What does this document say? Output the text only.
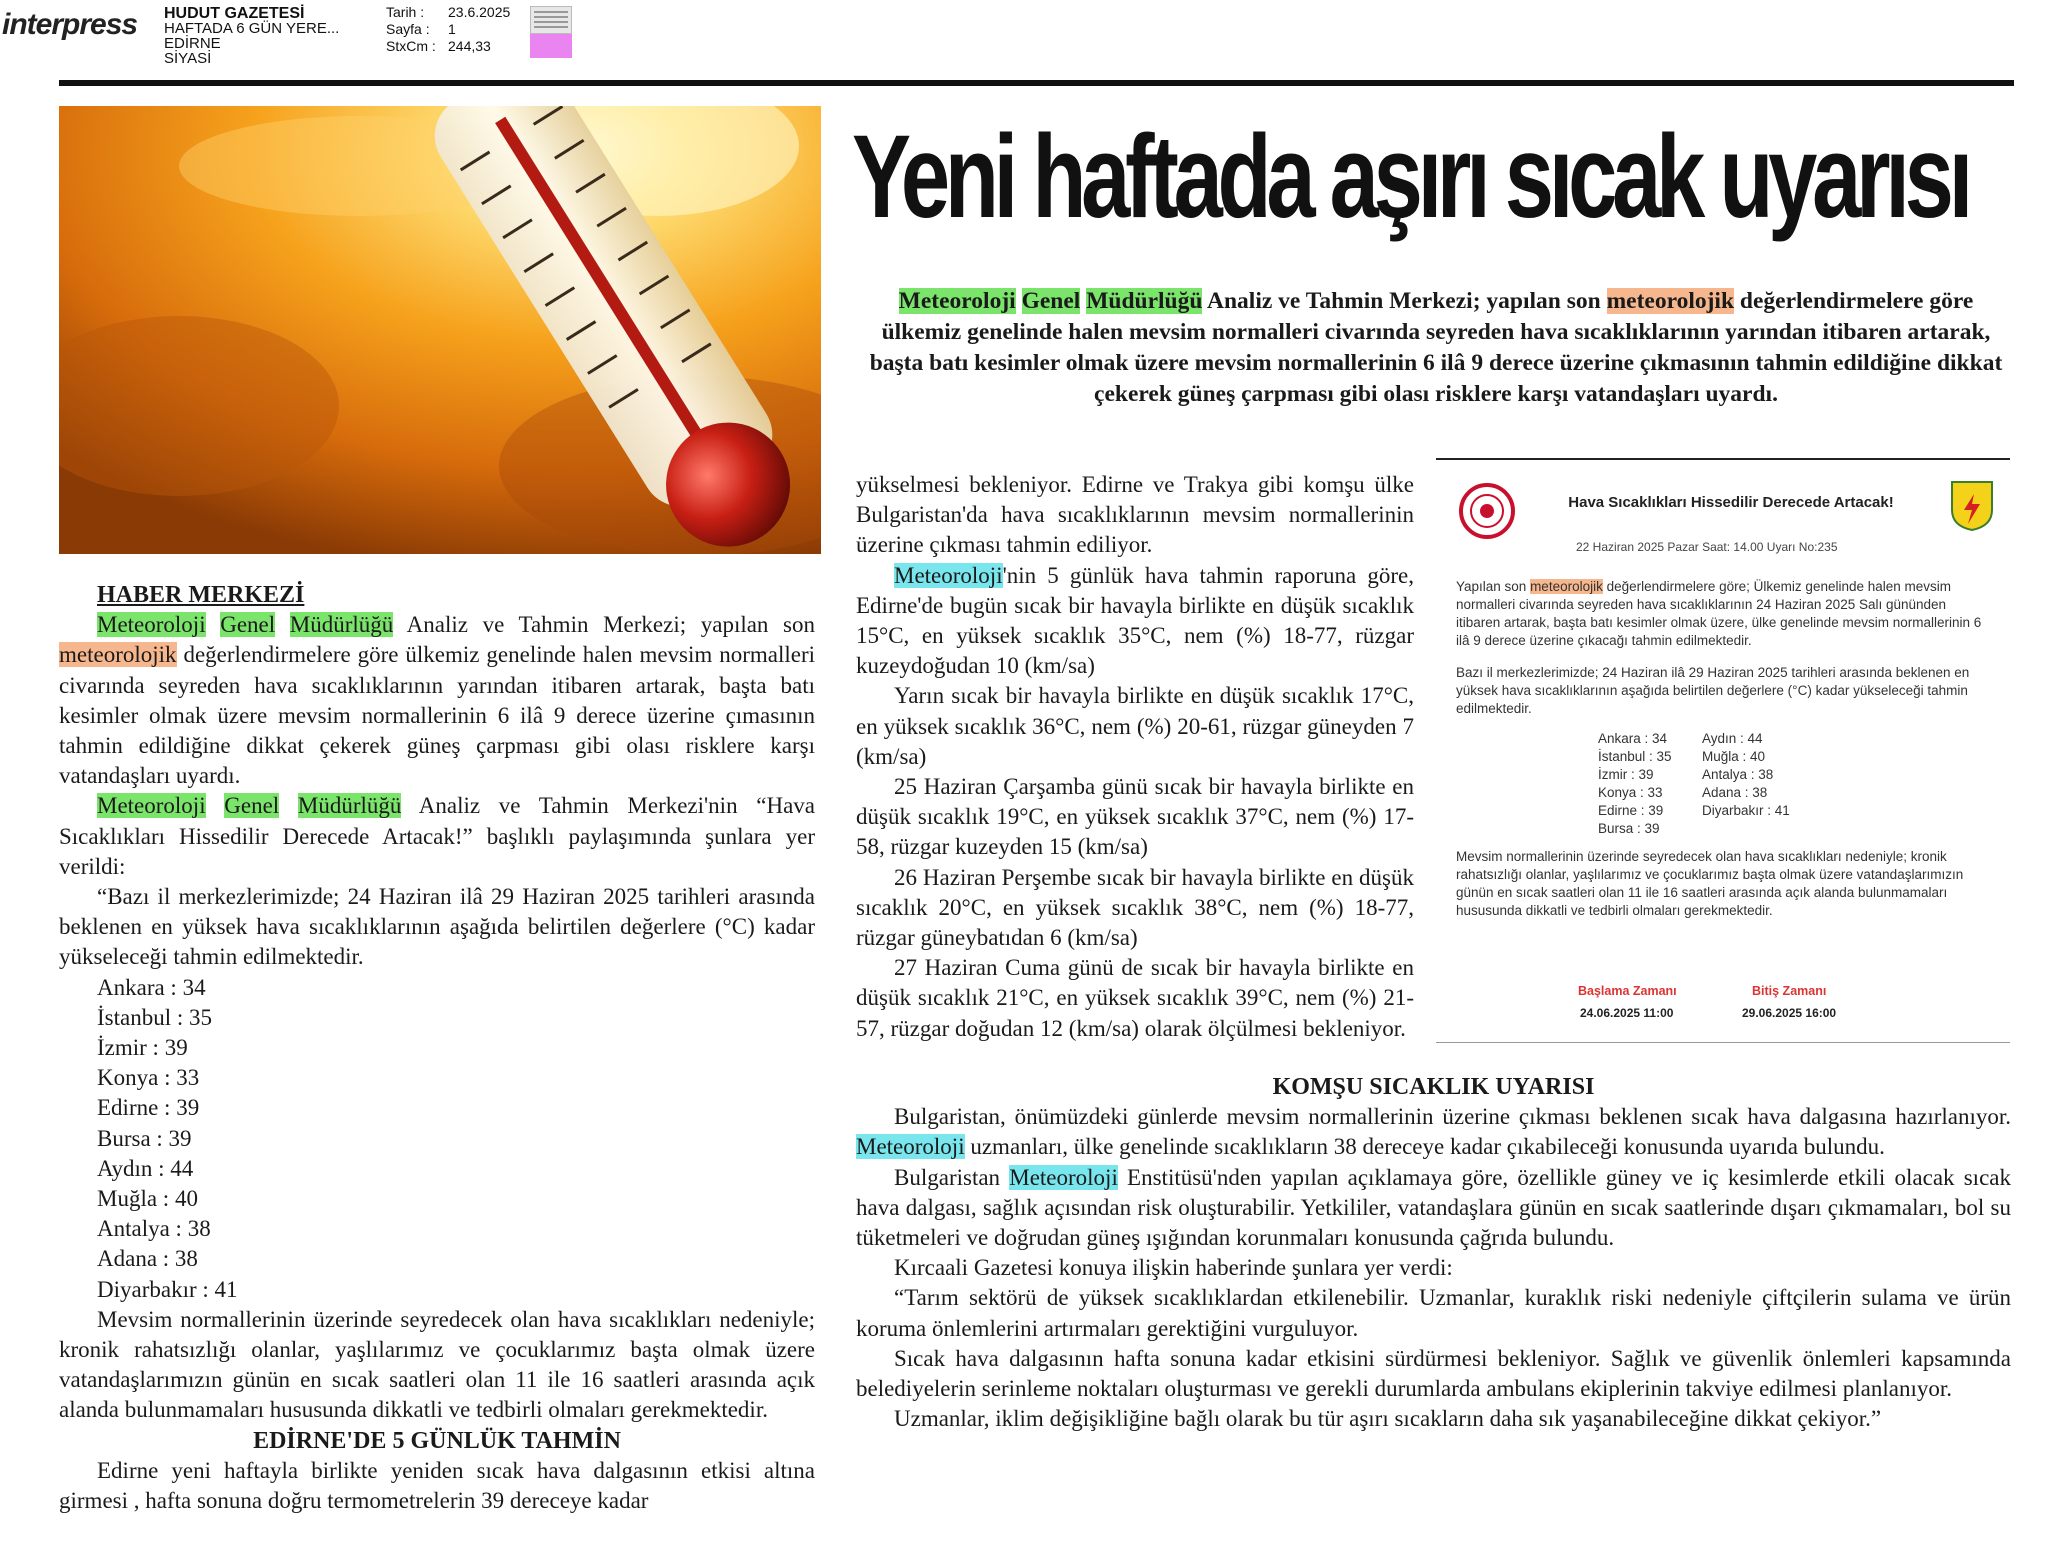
interpress HUDUT GAZETESİ
HAFTADA 6 GÜN YERE...
EDİRNE
SİYASİ
Tarih : 23.6.2025
Sayfa : 1
StxCm : 244,33
Yeni haftada aşırı sıcak uyarısı
Meteoroloji Genel Müdürlüğü Analiz ve Tahmin Merkezi; yapılan son meteorolojik değerlendirmelere göre ülkemiz genelinde halen mevsim normalleri civarında seyreden hava sıcaklıklarının yarından itibaren artarak, başta batı kesimler olmak üzere mevsim normallerinin 6 ilâ 9 derece üzerine çıkmasının tahmin edildiğine dikkat çekerek güneş çarpması gibi olası risklere karşı vatandaşları uyardı.
HABER MERKEZİ

Meteoroloji Genel Müdürlüğü Analiz ve Tahmin Merkezi; yapılan son meteorolojik değerlendirmelere göre ülkemiz genelinde halen mevsim normalleri civarında seyreden hava sıcaklıklarının yarından itibaren artarak, başta batı kesimler olmak üzere mevsim normallerinin 6 ilâ 9 derece üzerine çımasının tahmin edildiğine dikkat çekerek güneş çarpması gibi olası risklere karşı vatandaşları uyardı.

Meteoroloji Genel Müdürlüğü Analiz ve Tahmin Merkezi'nin “Hava Sıcaklıkları Hissedilir Derecede Artacak!” başlıklı paylaşımında şunlara yer verildi:

“Bazı il merkezlerimizde; 24 Haziran ilâ 29 Haziran 2025 tarihleri arasında beklenen en yüksek hava sıcaklıklarının aşağıda belirtilen değerlere (°C) kadar yükseleceği tahmin edilmektedir.

Ankara : 34
İstanbul : 35
İzmir : 39
Konya : 33
Edirne : 39
Bursa : 39
Aydın : 44
Muğla : 40
Antalya : 38
Adana : 38
Diyarbakır : 41

Mevsim normallerinin üzerinde seyredecek olan hava sıcaklıkları nedeniyle; kronik rahatsızlığı olanlar, yaşlılarımız ve çocuklarımız başta olmak üzere vatandaşlarımızın günün en sıcak saatleri olan 11 ile 16 saatleri arasında açık alanda bulunmamaları hususunda dikkatli ve tedbirli olmaları gerekmektedir.

EDİRNE'DE 5 GÜNLÜK TAHMİN

Edirne yeni haftayla birlikte yeniden sıcak hava dalgasının etkisi altına girmesi , hafta sonuna doğru termometrelerin 39 dereceye kadar

yükselmesi bekleniyor. Edirne ve Trakya gibi komşu ülke Bulgaristan'da hava sıcaklıklarının mevsim normallerinin üzerine çıkması tahmin ediliyor.

Meteoroloji'nin 5 günlük hava tahmin raporuna göre, Edirne'de bugün sıcak bir havayla birlikte en düşük sıcaklık 15°C, en yüksek sıcaklık 35°C, nem (%) 18-77, rüzgar kuzeydoğudan 10 (km/sa)

Yarın sıcak bir havayla birlikte en düşük sıcaklık 17°C, en yüksek sıcaklık 36°C, nem (%) 20-61, rüzgar güneyden 7 (km/sa)

25 Haziran Çarşamba günü sıcak bir havayla birlikte en düşük sıcaklık 19°C, en yüksek sıcaklık 37°C, nem (%) 17-58, rüzgar kuzeyden 15 (km/sa)

26 Haziran Perşembe sıcak bir havayla birlikte en düşük sıcaklık 20°C, en yüksek sıcaklık 38°C, nem (%) 18-77, rüzgar güneybatıdan 6 (km/sa)

27 Haziran Cuma günü de sıcak bir havayla birlikte en düşük sıcaklık 21°C, en yüksek sıcaklık 39°C, nem (%) 21-57, rüzgar doğudan 12 (km/sa) olarak ölçülmesi bekleniyor.

Hava Sıcaklıkları Hissedilir Derecede Artacak!
22 Haziran 2025 Pazar Saat: 14.00 Uyarı No:235
Yapılan son meteorolojik değerlendirmelere göre; Ülkemiz genelinde halen mevsim normalleri civarında seyreden hava sıcaklıklarının 24 Haziran 2025 Salı gününden itibaren artarak, başta batı kesimler olmak üzere, ülke genelinde mevsim normallerinin 6 ilâ 9 derece üzerine çıkacağı tahmin edilmektedir.
Bazı il merkezlerimizde; 24 Haziran ilâ 29 Haziran 2025 tarihleri arasında beklenen en yüksek hava sıcaklıklarının aşağıda belirtilen değerlere (°C) kadar yükseleceği tahmin edilmektedir.
Ankara : 34
İstanbul : 35
İzmir : 39
Konya : 33
Edirne : 39
Bursa : 39
Aydın : 44
Muğla : 40
Antalya : 38
Adana : 38
Diyarbakır : 41
Mevsim normallerinin üzerinde seyredecek olan hava sıcaklıkları nedeniyle; kronik rahatsızlığı olanlar, yaşlılarımız ve çocuklarımız başta olmak üzere vatandaşlarımızın günün en sıcak saatleri olan 11 ile 16 saatleri arasında açık alanda bulunmamaları hususunda dikkatli ve tedbirli olmaları gerekmektedir.
Başlama Zamanı
24.06.2025 11:00
Bitiş Zamanı
29.06.2025 16:00
KOMŞU SICAKLIK UYARISI

Bulgaristan, önümüzdeki günlerde mevsim normallerinin üzerine çıkması beklenen sıcak hava dalgasına hazırlanıyor. Meteoroloji uzmanları, ülke genelinde sıcaklıkların 38 dereceye kadar çıkabileceği konusunda uyarıda bulundu.

Bulgaristan Meteoroloji Enstitüsü'nden yapılan açıklamaya göre, özellikle güney ve iç kesimlerde etkili olacak sıcak hava dalgası, sağlık açısından risk oluşturabilir. Yetkililer, vatandaşlara günün en sıcak saatlerinde dışarı çıkmamaları, bol su tüketmeleri ve doğrudan güneş ışığından korunmaları konusunda çağrıda bulundu.

Kırcaali Gazetesi konuya ilişkin haberinde şunlara yer verdi:

“Tarım sektörü de yüksek sıcaklıklardan etkilenebilir. Uzmanlar, kuraklık riski nedeniyle çiftçilerin sulama ve ürün koruma önlemlerini artırmaları gerektiğini vurguluyor.

Sıcak hava dalgasının hafta sonuna kadar etkisini sürdürmesi bekleniyor. Sağlık ve güvenlik önlemleri kapsamında belediyelerin serinleme noktaları oluşturması ve gerekli durumlarda ambulans ekiplerinin takviye edilmesi planlanıyor.

Uzmanlar, iklim değişikliğine bağlı olarak bu tür aşırı sıcakların daha sık yaşanabileceğine dikkat çekiyor.”
